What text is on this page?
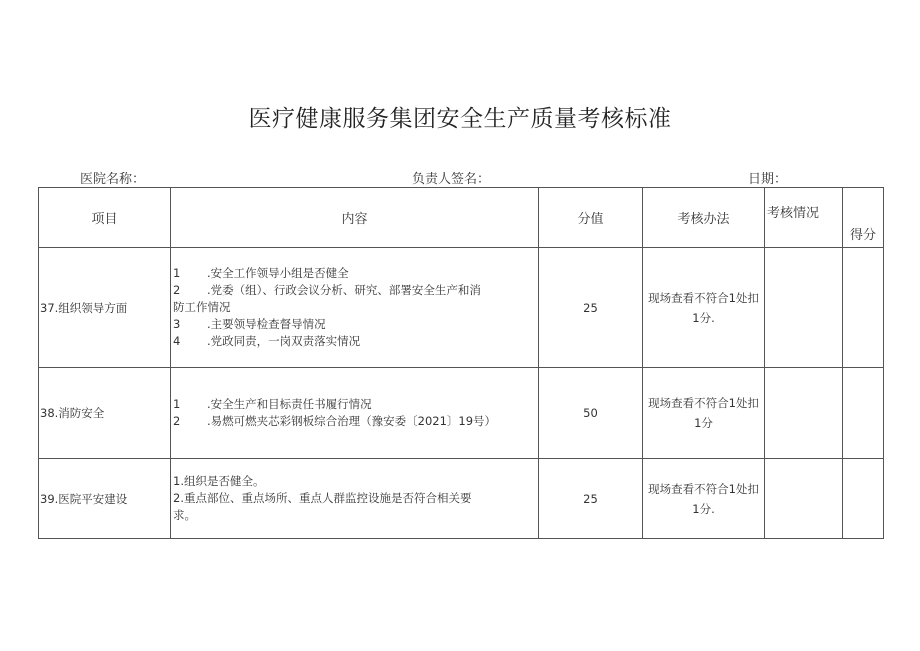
医疗健康服务集团安全生产质量考核标准
医院名称：	负责人签名：	日期：
项目	内容	分值	考核办法	考核情况	得分
37.组织领导方面	1 .安全工作领导小组是否健全
2 .党委（组）、行政会议分析、研究、部署安全生产和消
防工作情况
3 .主要领导检查督导情况
4 .党政同责，一岗双责落实情况	25	现场查看不符合1处扣1分.		
38.消防安全	1 .安全生产和目标责任书履行情况
2 .易燃可燃夹芯彩钢板综合治理（豫安委〔2021〕19号）	50	现场查看不符合1处扣1分		
39.医院平安建设	1.组织是否健全。
2.重点部位、重点场所、重点人群监控设施是否符合相关要
求。	25	现场查看不符合1处扣1分.		
